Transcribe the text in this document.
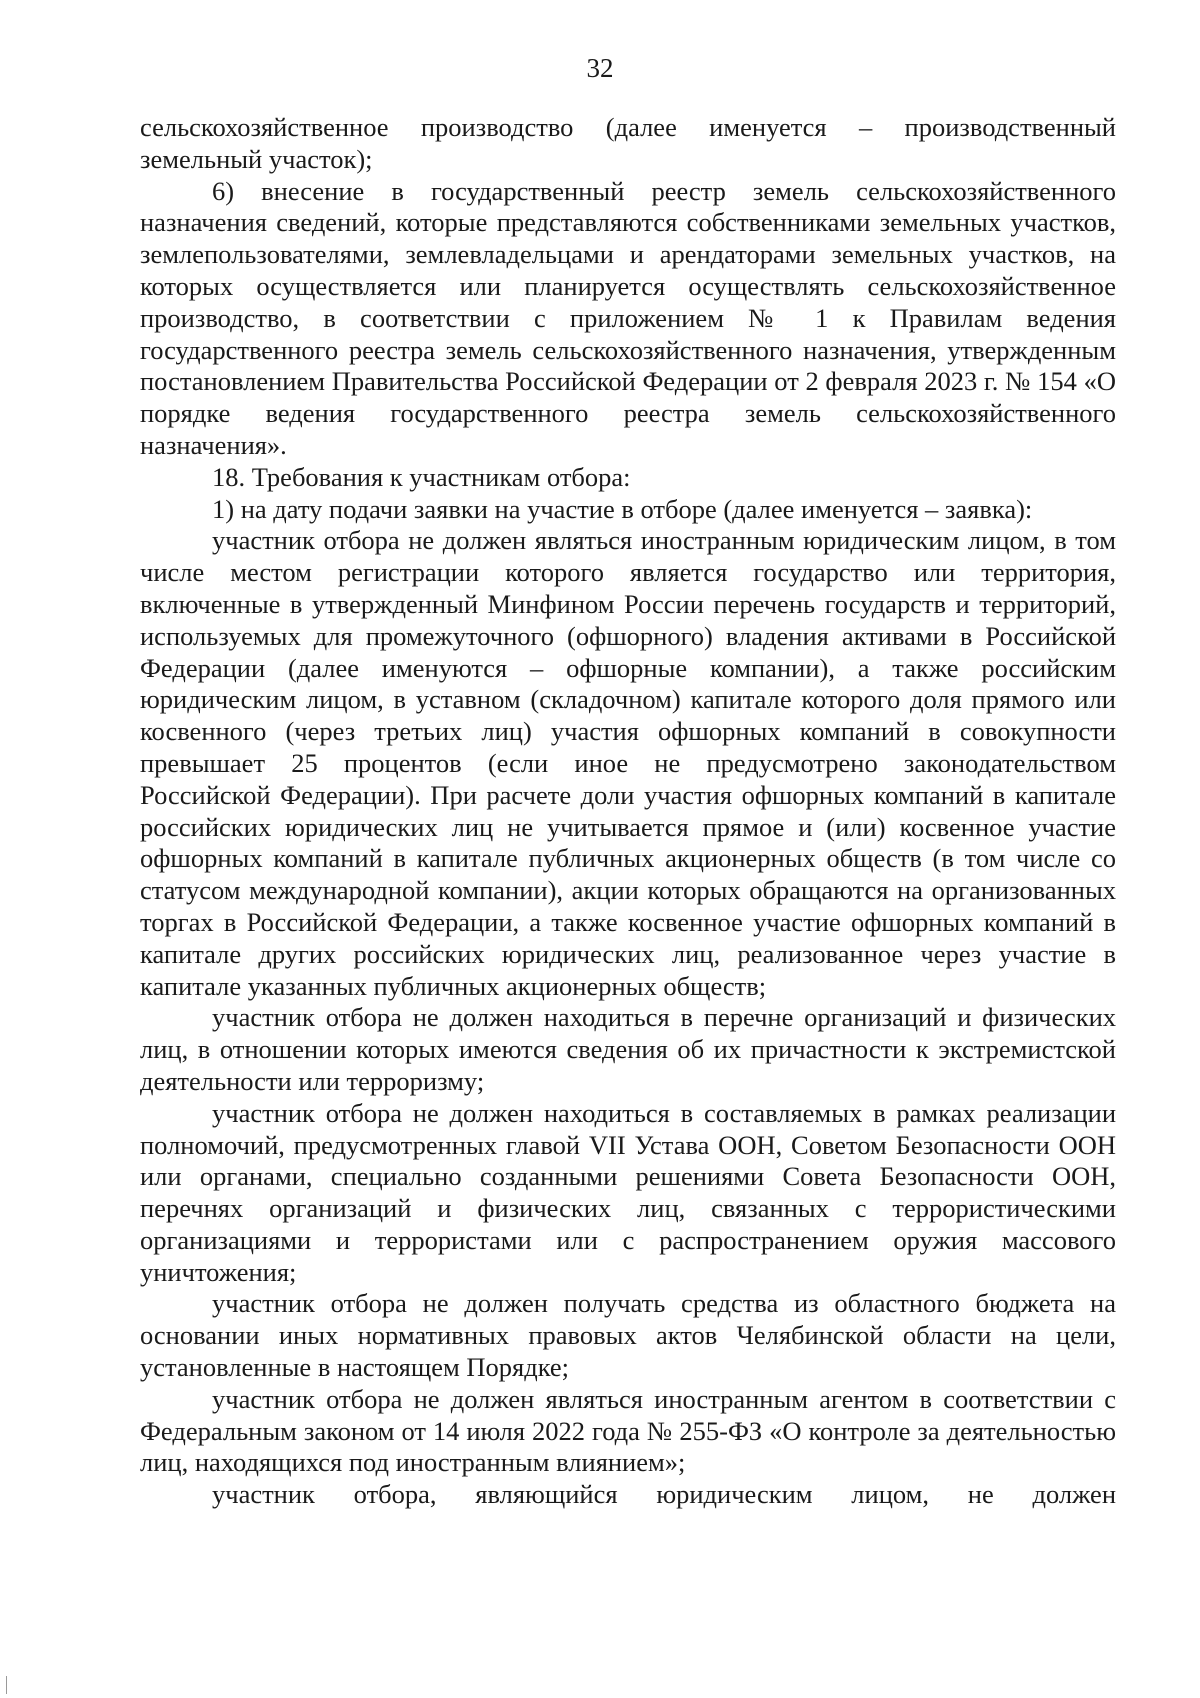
32

сельскохозяйственное производство (далее именуется – производственный земельный участок);

6) внесение в государственный реестр земель сельскохозяйственного назначения сведений, которые представляются собственниками земельных участков, землепользователями, землевладельцами и арендаторами земельных участков, на которых осуществляется или планируется осуществлять сельскохозяйственное производство, в соответствии с приложением № 1 к Правилам ведения государственного реестра земель сельскохозяйственного назначения, утвержденным постановлением Правительства Российской Федерации от 2 февраля 2023 г. № 154 «О порядке ведения государственного реестра земель сельскохозяйственного назначения».

18. Требования к участникам отбора:

1) на дату подачи заявки на участие в отборе (далее именуется – заявка):

участник отбора не должен являться иностранным юридическим лицом, в том числе местом регистрации которого является государство или территория, включенные в утвержденный Минфином России перечень государств и территорий, используемых для промежуточного (офшорного) владения активами в Российской Федерации (далее именуются – офшорные компании), а также российским юридическим лицом, в уставном (складочном) капитале которого доля прямого или косвенного (через третьих лиц) участия офшорных компаний в совокупности превышает 25 процентов (если иное не предусмотрено законодательством Российской Федерации). При расчете доли участия офшорных компаний в капитале российских юридических лиц не учитывается прямое и (или) косвенное участие офшорных компаний в капитале публичных акционерных обществ (в том числе со статусом международной компании), акции которых обращаются на организованных торгах в Российской Федерации, а также косвенное участие офшорных компаний в капитале других российских юридических лиц, реализованное через участие в капитале указанных публичных акционерных обществ;

участник отбора не должен находиться в перечне организаций и физических лиц, в отношении которых имеются сведения об их причастности к экстремистской деятельности или терроризму;

участник отбора не должен находиться в составляемых в рамках реализации полномочий, предусмотренных главой VII Устава ООН, Советом Безопасности ООН или органами, специально созданными решениями Совета Безопасности ООН, перечнях организаций и физических лиц, связанных с террористическими организациями и террористами или с распространением оружия массового уничтожения;

участник отбора не должен получать средства из областного бюджета на основании иных нормативных правовых актов Челябинской области на цели, установленные в настоящем Порядке;

участник отбора не должен являться иностранным агентом в соответствии с Федеральным законом от 14 июля 2022 года № 255-ФЗ «О контроле за деятельностью лиц, находящихся под иностранным влиянием»;

участник отбора, являющийся юридическим лицом, не должен
